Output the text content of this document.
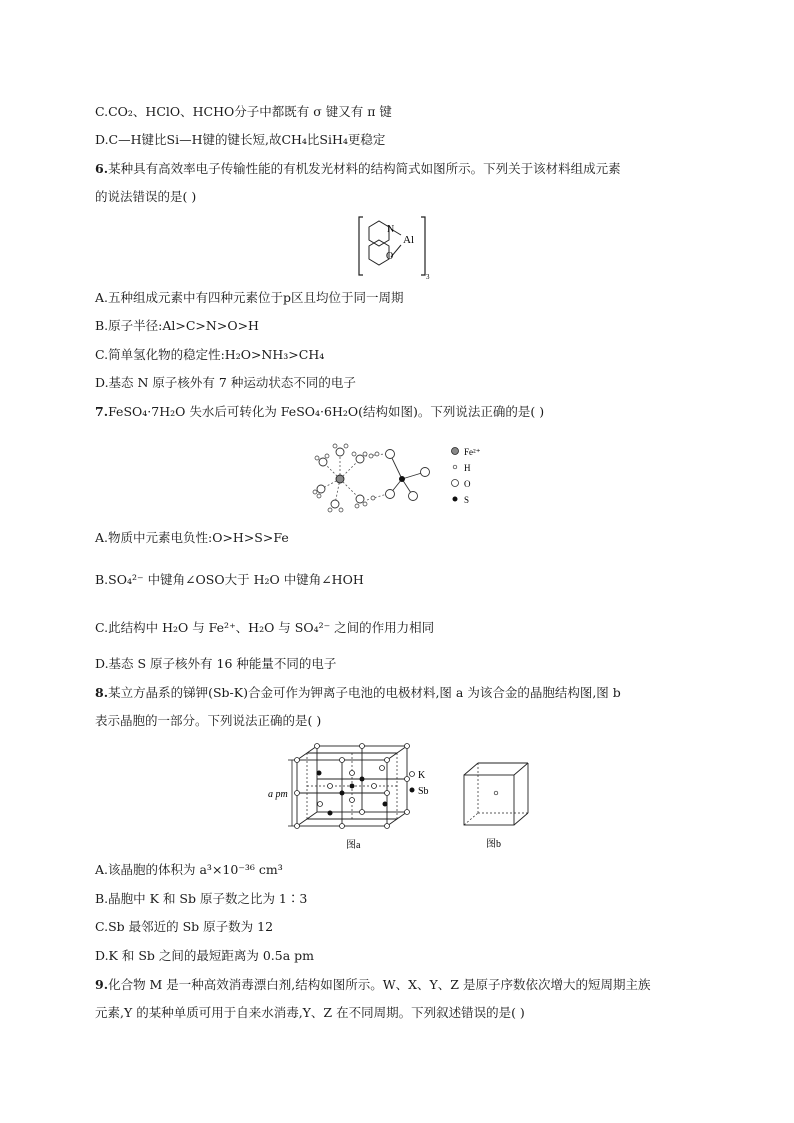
C.CO₂、HClO、HCHO分子中都既有 σ 键又有 π 键
D.C—H键比Si—H键的键长短,故CH₄比SiH₄更稳定
6.某种具有高效率电子传输性能的有机发光材料的结构简式如图所示。下列关于该材料组成元素
的说法错误的是( )
N
O
Al
3
A.五种组成元素中有四种元素位于p区且均位于同一周期
B.原子半径:Al>C>N>O>H
C.简单氢化物的稳定性:H₂O>NH₃>CH₄
D.基态 N 原子核外有 7 种运动状态不同的电子
7.FeSO₄·7H₂O 失水后可转化为 FeSO₄·6H₂O(结构如图)。下列说法正确的是( )
Fe²⁺
H
O
S
A.物质中元素电负性:O>H>S>Fe
B.SO₄²⁻ 中键角∠OSO大于 H₂O 中键角∠HOH
C.此结构中 H₂O 与 Fe²⁺、H₂O 与 SO₄²⁻ 之间的作用力相同
D.基态 S 原子核外有 16 种能量不同的电子
8.某立方晶系的锑钾(Sb-K)合金可作为钾离子电池的电极材料,图 a 为该合金的晶胞结构图,图 b
表示晶胞的一部分。下列说法正确的是( )
a pm
K
Sb
图a	图b
A.该晶胞的体积为 a³×10⁻³⁶ cm³
B.晶胞中 K 和 Sb 原子数之比为 1∶3
C.Sb 最邻近的 Sb 原子数为 12
D.K 和 Sb 之间的最短距离为 0.5a pm
9.化合物 M 是一种高效消毒漂白剂,结构如图所示。W、X、Y、Z 是原子序数依次增大的短周期主族
元素,Y 的某种单质可用于自来水消毒,Y、Z 在不同周期。下列叙述错误的是( )
